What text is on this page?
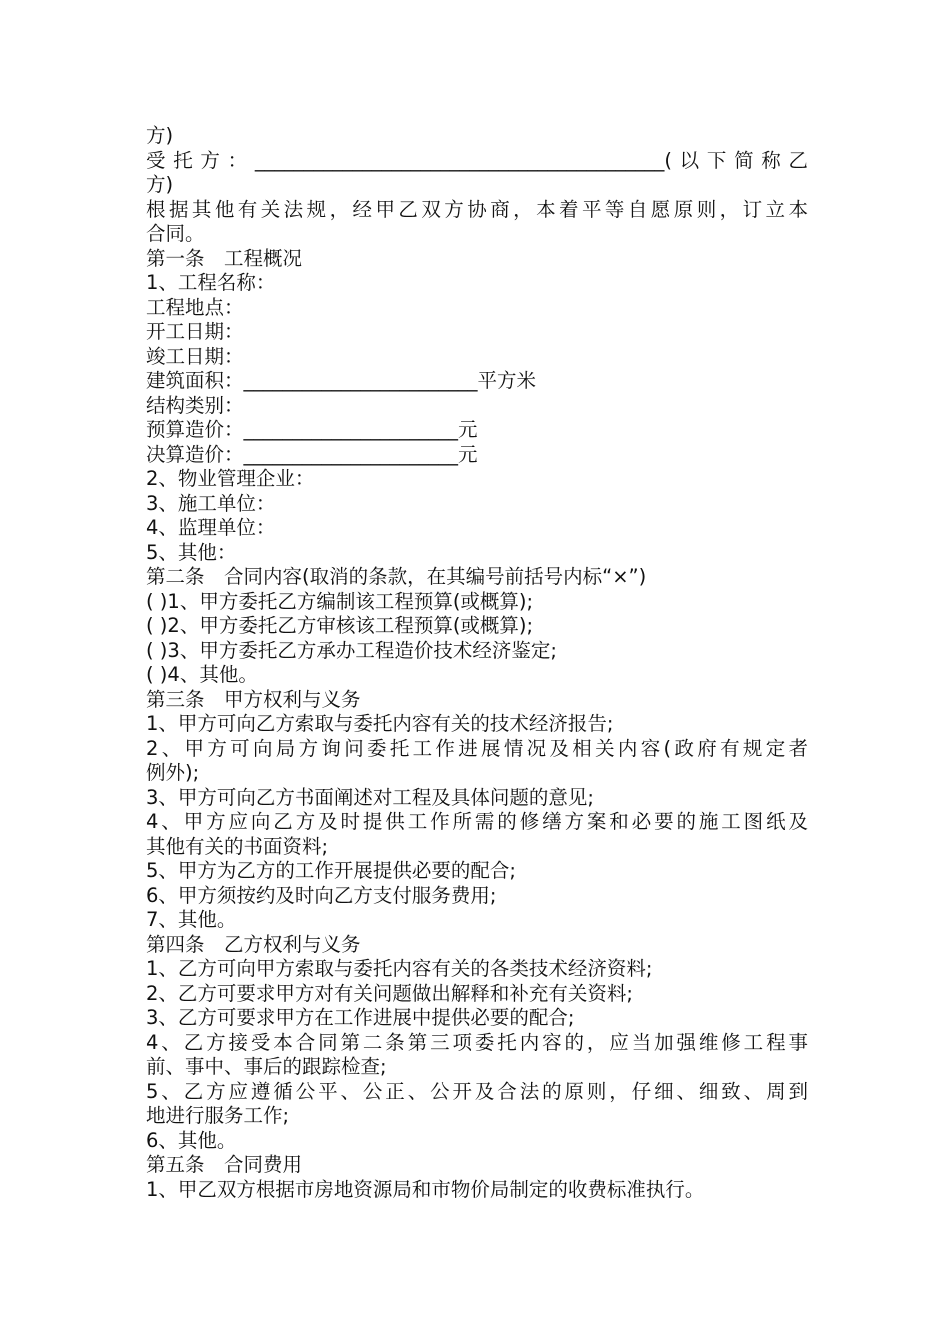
方)
受托方：__________________________________________(以下简称乙
方)
根据其他有关法规，经甲乙双方协商，本着平等自愿原则，订立本
合同。
第一条　工程概况
1、工程名称：
工程地点：
开工日期：
竣工日期：
建筑面积：________________________平方米
结构类别：
预算造价：______________________元
决算造价：______________________元
2、物业管理企业：
3、施工单位：
4、监理单位：
5、其他：
第二条　合同内容(取消的条款，在其编号前括号内标“×”)
( )1、甲方委托乙方编制该工程预算(或概算);
( )2、甲方委托乙方审核该工程预算(或概算);
( )3、甲方委托乙方承办工程造价技术经济鉴定;
( )4、其他。
第三条　甲方权利与义务
1、甲方可向乙方索取与委托内容有关的技术经济报告;
2、甲方可向局方询问委托工作进展情况及相关内容(政府有规定者
例外);
3、甲方可向乙方书面阐述对工程及具体问题的意见;
4、甲方应向乙方及时提供工作所需的修缮方案和必要的施工图纸及
其他有关的书面资料;
5、甲方为乙方的工作开展提供必要的配合;
6、甲方须按约及时向乙方支付服务费用;
7、其他。
第四条　乙方权利与义务
1、乙方可向甲方索取与委托内容有关的各类技术经济资料;
2、乙方可要求甲方对有关问题做出解释和补充有关资料;
3、乙方可要求甲方在工作进展中提供必要的配合;
4、乙方接受本合同第二条第三项委托内容的，应当加强维修工程事
前、事中、事后的跟踪检查;
5、乙方应遵循公平、公正、公开及合法的原则，仔细、细致、周到
地进行服务工作;
6、其他。
第五条　合同费用
1、甲乙双方根据市房地资源局和市物价局制定的收费标准执行。
